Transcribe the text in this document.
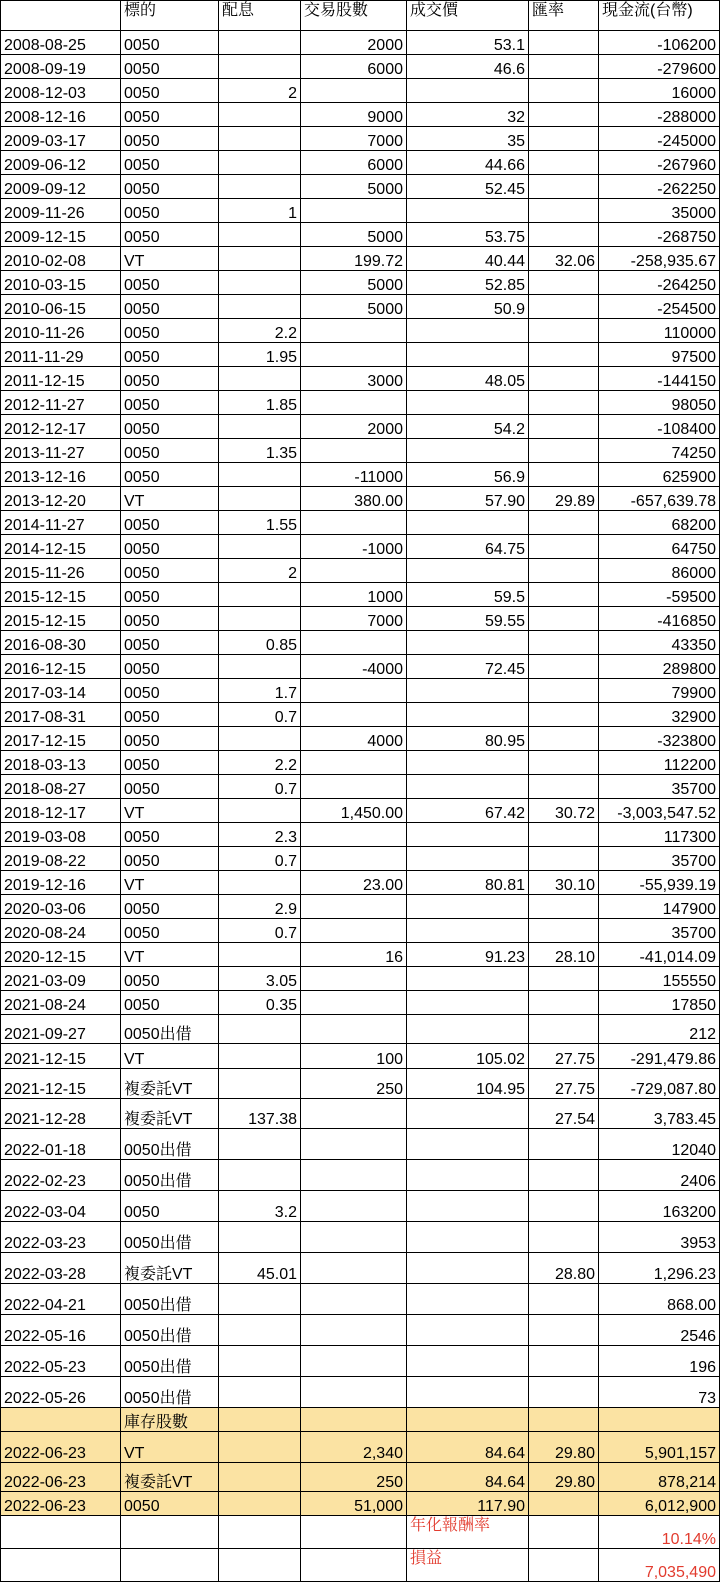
	標的	配息	交易股數	成交價	匯率	現金流(台幣)
2008-08-25	0050		2000	53.1		-106200
2008-09-19	0050		6000	46.6		-279600
2008-12-03	0050	2				16000
2008-12-16	0050		9000	32		-288000
2009-03-17	0050		7000	35		-245000
2009-06-12	0050		6000	44.66		-267960
2009-09-12	0050		5000	52.45		-262250
2009-11-26	0050	1				35000
2009-12-15	0050		5000	53.75		-268750
2010-02-08	VT		199.72	40.44	32.06	-258,935.67
2010-03-15	0050		5000	52.85		-264250
2010-06-15	0050		5000	50.9		-254500
2010-11-26	0050	2.2				110000
2011-11-29	0050	1.95				97500
2011-12-15	0050		3000	48.05		-144150
2012-11-27	0050	1.85				98050
2012-12-17	0050		2000	54.2		-108400
2013-11-27	0050	1.35				74250
2013-12-16	0050		-11000	56.9		625900
2013-12-20	VT		380.00	57.90	29.89	-657,639.78
2014-11-27	0050	1.55				68200
2014-12-15	0050		-1000	64.75		64750
2015-11-26	0050	2				86000
2015-12-15	0050		1000	59.5		-59500
2015-12-15	0050		7000	59.55		-416850
2016-08-30	0050	0.85				43350
2016-12-15	0050		-4000	72.45		289800
2017-03-14	0050	1.7				79900
2017-08-31	0050	0.7				32900
2017-12-15	0050		4000	80.95		-323800
2018-03-13	0050	2.2				112200
2018-08-27	0050	0.7				35700
2018-12-17	VT		1,450.00	67.42	30.72	-3,003,547.52
2019-03-08	0050	2.3				117300
2019-08-22	0050	0.7				35700
2019-12-16	VT		23.00	80.81	30.10	-55,939.19
2020-03-06	0050	2.9				147900
2020-08-24	0050	0.7				35700
2020-12-15	VT		16	91.23	28.10	-41,014.09
2021-03-09	0050	3.05				155550
2021-08-24	0050	0.35				17850
2021-09-27	0050出借					212
2021-12-15	VT		100	105.02	27.75	-291,479.86
2021-12-15	複委託VT		250	104.95	27.75	-729,087.80
2021-12-28	複委託VT	137.38			27.54	3,783.45
2022-01-18	0050出借					12040
2022-02-23	0050出借					2406
2022-03-04	0050	3.2				163200
2022-03-23	0050出借					3953
2022-03-28	複委託VT	45.01			28.80	1,296.23
2022-04-21	0050出借					868.00
2022-05-16	0050出借					2546
2022-05-23	0050出借					196
2022-05-26	0050出借					73
	庫存股數					
2022-06-23	VT		2,340	84.64	29.80	5,901,157
2022-06-23	複委託VT		250	84.64	29.80	878,214
2022-06-23	0050		51,000	117.90		6,012,900
				年化報酬率		10.14%
				損益		7,035,490
